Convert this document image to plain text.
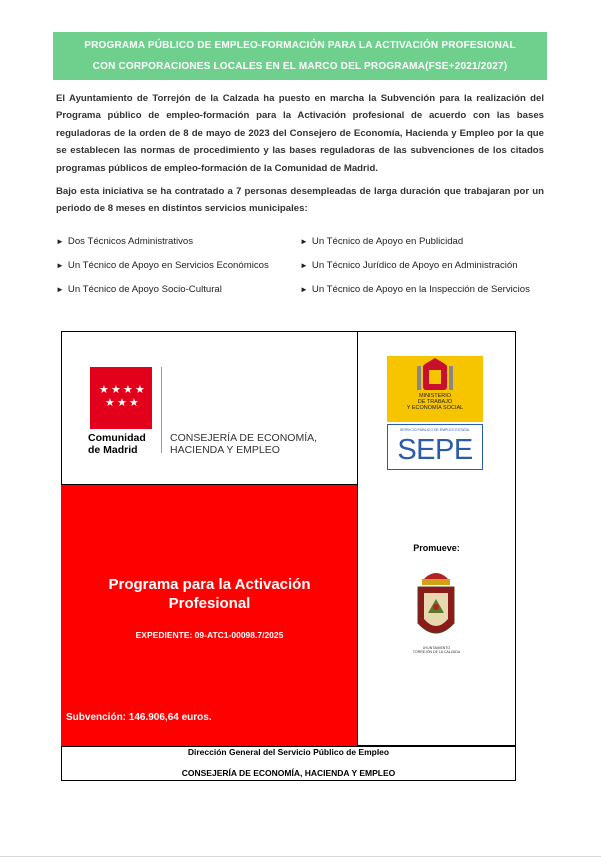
PROGRAMA PÚBLICO DE EMPLEO-FORMACIÓN PARA LA ACTIVACIÓN PROFESIONAL
CON CORPORACIONES LOCALES EN EL MARCO DEL PROGRAMA(FSE+2021/2027)
El Ayuntamiento de Torrejón de la Calzada ha puesto en marcha la Subvención para la realización del Programa público de empleo-formación para la Activación profesional de acuerdo con las bases reguladoras de la orden de 8 de mayo de 2023 del Consejero de Economía, Hacienda y Empleo por la que se establecen las normas de procedimiento y las bases reguladoras de las subvenciones de los citados programas públicos de empleo-formación de la Comunidad de Madrid.
Bajo esta iniciativa se ha contratado a 7 personas desempleadas de larga duración que trabajaran por un periodo de 8 meses en distintos servicios municipales:
► Dos Técnicos Administrativos
► Un Técnico de Apoyo en Servicios Económicos
► Un Técnico de Apoyo Socio-Cultural
► Un Técnico de Apoyo en Publicidad
► Un Técnico Jurídico de Apoyo en Administración
► Un Técnico de Apoyo en la Inspección de Servicios
★ ★ ★ ★
★ ★ ★
Comunidad
de Madrid
CONSEJERÍA DE ECONOMÍA,
HACIENDA Y EMPLEO
MINISTERIO
DE TRABAJO
Y ECONOMÍA SOCIAL
SERVICIO PÚBLICO DE EMPLEO ESTATAL
SEPE
Promueve:
AYUNTAMIENTO
TORREJÓN DE LA CALZADA
Programa para la Activación
Profesional
EXPEDIENTE: 09-ATC1-00098.7/2025
Subvención: 146.906,64 euros.
Dirección General del Servicio Público de Empleo
CONSEJERÍA DE ECONOMÍA, HACIENDA Y EMPLEO
